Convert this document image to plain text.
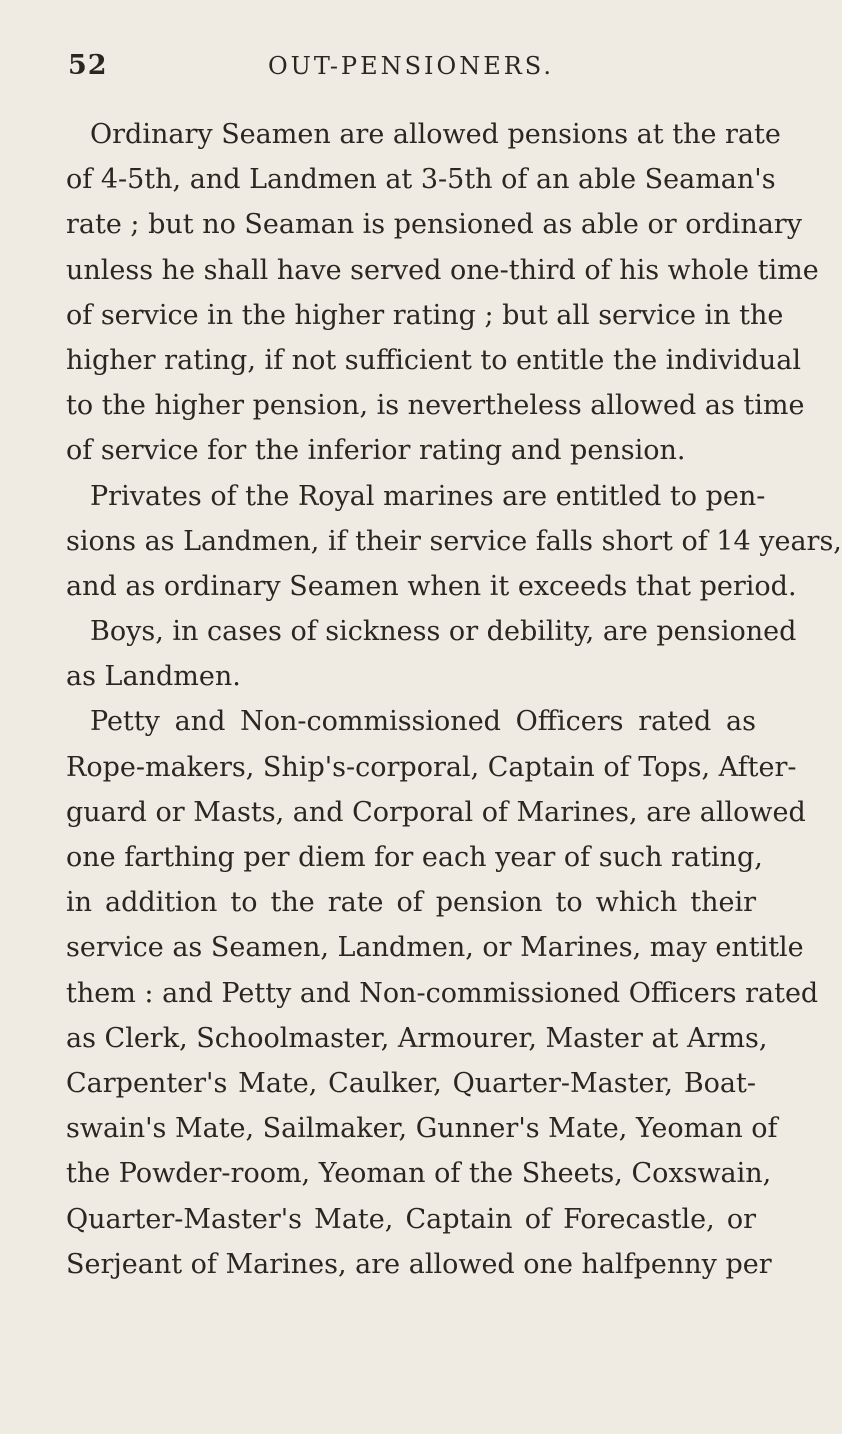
52	OUT-PENSIONERS.
Ordinary Seamen are allowed pensions at the rate
of 4-5th, and Landmen at 3-5th of an able Seaman's
rate ; but no Seaman is pensioned as able or ordinary
unless he shall have served one-third of his whole time
of service in the higher rating ; but all service in the
higher rating, if not sufficient to entitle the individual
to the higher pension, is nevertheless allowed as time
of service for the inferior rating and pension.
Privates of the Royal marines are entitled to pen-
sions as Landmen, if their service falls short of 14 years,
and as ordinary Seamen when it exceeds that period.
Boys, in cases of sickness or debility, are pensioned
as Landmen.
Petty and Non-commissioned Officers rated as
Rope-makers, Ship's-corporal, Captain of Tops, After-
guard or Masts, and Corporal of Marines, are allowed
one farthing per diem for each year of such rating,
in addition to the rate of pension to which their
service as Seamen, Landmen, or Marines, may entitle
them : and Petty and Non-commissioned Officers rated
as Clerk, Schoolmaster, Armourer, Master at Arms,
Carpenter's Mate, Caulker, Quarter-Master, Boat-
swain's Mate, Sailmaker, Gunner's Mate, Yeoman of
the Powder-room, Yeoman of the Sheets, Coxswain,
Quarter-Master's Mate, Captain of Forecastle, or
Serjeant of Marines, are allowed one halfpenny per
